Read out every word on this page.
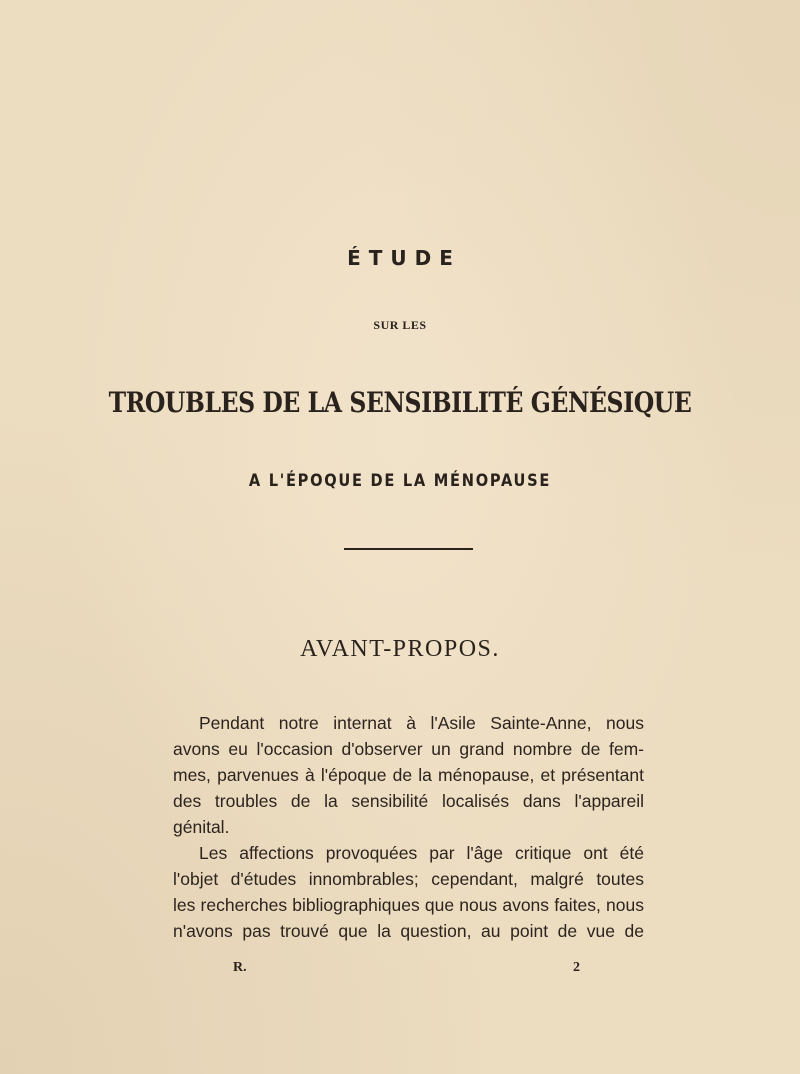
ÉTUDE
SUR LES
TROUBLES DE LA SENSIBILITÉ GÉNÉSIQUE
A L'ÉPOQUE DE LA MÉNOPAUSE
AVANT-PROPOS.
Pendant notre internat à l'Asile Sainte-Anne, nous
avons eu l'occasion d'observer un grand nombre de fem-
mes, parvenues à l'époque de la ménopause, et présentant
des troubles de la sensibilité localisés dans l'appareil
génital.
Les affections provoquées par l'âge critique ont été
l'objet d'études innombrables; cependant, malgré toutes
les recherches bibliographiques que nous avons faites, nous
n'avons pas trouvé que la question, au point de vue de
R.	2
